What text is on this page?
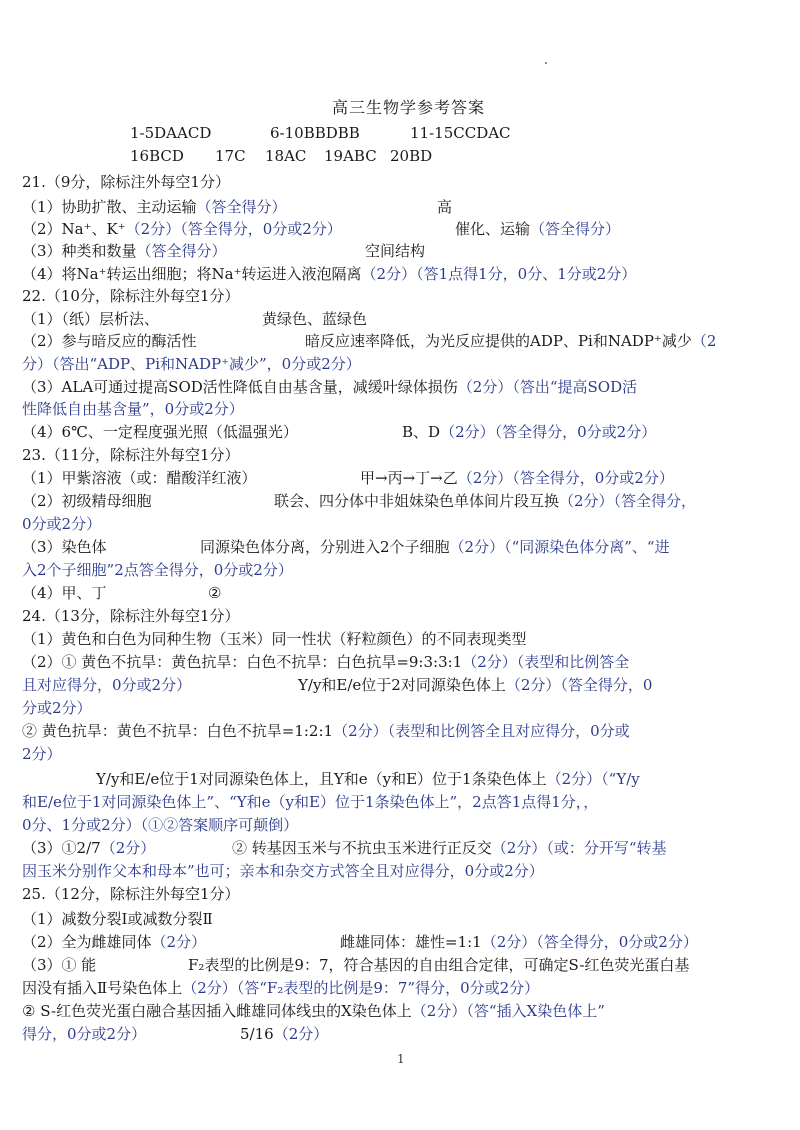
高三生物学参考答案
1-5DAACD	6-10BBDBB	11-15CCDAC
16BCD 17C 18AC 19ABC 20BD
21.（9分，除标注外每空1分）
（1）协助扩散、主动运输（答全得分）	高
（2）Na⁺、K⁺（2分）（答全得分，0分或2分）	催化、运输（答全得分）
（3）种类和数量（答全得分）	空间结构
（4）将Na⁺转运出细胞；将Na⁺转运进入液泡隔离（2分）（答1点得1分，0分、1分或2分）
22.（10分，除标注外每空1分）
（1）（纸）层析法、	黄绿色、蓝绿色
（2）参与暗反应的酶活性	暗反应速率降低，为光反应提供的ADP、Pi和NADP⁺减少（2
分）（答出“ADP、Pi和NADP⁺减少”，0分或2分）
（3）ALA可通过提高SOD活性降低自由基含量，减缓叶绿体损伤（2分）（答出“提高SOD活
性降低自由基含量”，0分或2分）
（4）6℃、一定程度强光照（低温强光）	B、D（2分）（答全得分，0分或2分）
23.（11分，除标注外每空1分）
（1）甲紫溶液（或：醋酸洋红液）	甲→丙→丁→乙（2分）（答全得分，0分或2分）
（2）初级精母细胞	联会、四分体中非姐妹染色单体间片段互换（2分）（答全得分，
0分或2分）
（3）染色体	同源染色体分离，分别进入2个子细胞（2分）（“同源染色体分离”、“进
入2个子细胞”2点答全得分，0分或2分）
（4）甲、丁	②
24.（13分，除标注外每空1分）
（1）黄色和白色为同种生物（玉米）同一性状（籽粒颜色）的不同表现类型
（2）① 黄色不抗旱：黄色抗旱：白色不抗旱：白色抗旱=9:3:3:1（2分）（表型和比例答全
且对应得分，0分或2分）	Y/y和E/e位于2对同源染色体上（2分）（答全得分，0
分或2分）
② 黄色抗旱：黄色不抗旱：白色不抗旱=1:2:1（2分）（表型和比例答全且对应得分，0分或
2分）
Y/y和E/e位于1对同源染色体上，且Y和e（y和E）位于1条染色体上（2分）（“Y/y
和E/e位于1对同源染色体上”、“Y和e（y和E）位于1条染色体上”，2点答1点得1分，，
0分、1分或2分）（①②答案顺序可颠倒）
（3）①2/7（2分）	② 转基因玉米与不抗虫玉米进行正反交（2分）（或：分开写“转基
因玉米分别作父本和母本”也可；亲本和杂交方式答全且对应得分，0分或2分）
25.（12分，除标注外每空1分）
（1）减数分裂Ⅰ或减数分裂Ⅱ
（2）全为雌雄同体（2分）	雌雄同体：雄性=1:1（2分）（答全得分，0分或2分）
（3）① 能	F₂表型的比例是9：7，符合基因的自由组合定律，可确定S-红色荧光蛋白基
因没有插入Ⅱ号染色体上（2分）（答“F₂表型的比例是9：7”得分，0分或2分）
② S-红色荧光蛋白融合基因插入雌雄同体线虫的X染色体上（2分）（答“插入X染色体上”
得分，0分或2分）	5/16（2分）
1
